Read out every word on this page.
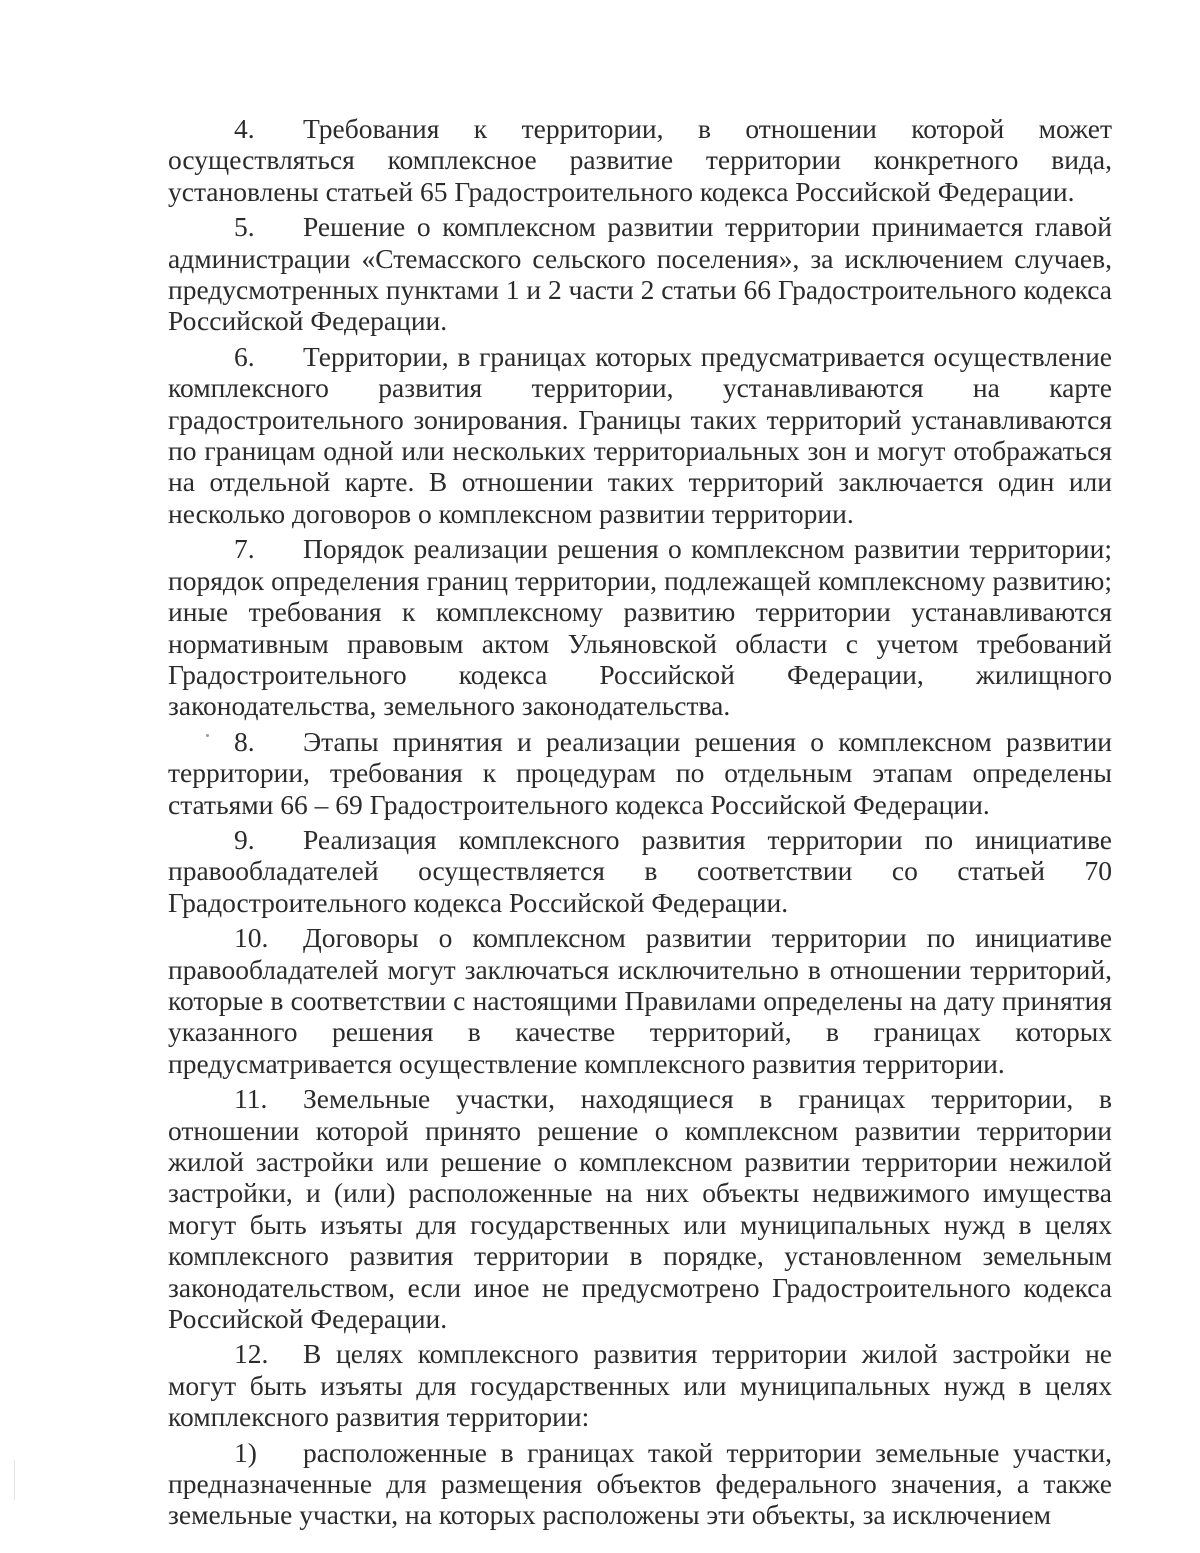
4. Требования к территории, в отношении которой может осуществляться комплексное развитие территории конкретного вида, установлены статьей 65 Градостроительного кодекса Российской Федерации.

5. Решение о комплексном развитии территории принимается главой администрации «Стемасского сельского поселения», за исключением случаев, предусмотренных пунктами 1 и 2 части 2 статьи 66 Градостроительного кодекса Российской Федерации.

6. Территории, в границах которых предусматривается осуществление комплексного развития территории, устанавливаются на карте градостроительного зонирования. Границы таких территорий устанавливаются по границам одной или нескольких территориальных зон и могут отображаться на отдельной карте. В отношении таких территорий заключается один или несколько договоров о комплексном развитии территории.

7. Порядок реализации решения о комплексном развитии территории; порядок определения границ территории, подлежащей комплексному развитию; иные требования к комплексному развитию территории устанавливаются нормативным правовым актом Ульяновской области с учетом требований Градостроительного кодекса Российской Федерации, жилищного законодательства, земельного законодательства.

8. Этапы принятия и реализации решения о комплексном развитии территории, требования к процедурам по отдельным этапам определены статьями 66 – 69 Градостроительного кодекса Российской Федерации.

9. Реализация комплексного развития территории по инициативе правообладателей осуществляется в соответствии со статьей 70 Градостроительного кодекса Российской Федерации.

10. Договоры о комплексном развитии территории по инициативе правообладателей могут заключаться исключительно в отношении территорий, которые в соответствии с настоящими Правилами определены на дату принятия указанного решения в качестве территорий, в границах которых предусматривается осуществление комплексного развития территории.

11. Земельные участки, находящиеся в границах территории, в отношении которой принято решение о комплексном развитии территории жилой застройки или решение о комплексном развитии территории нежилой застройки, и (или) расположенные на них объекты недвижимого имущества могут быть изъяты для государственных или муниципальных нужд в целях комплексного развития территории в порядке, установленном земельным законодательством, если иное не предусмотрено Градостроительного кодекса Российской Федерации.

12. В целях комплексного развития территории жилой застройки не могут быть изъяты для государственных или муниципальных нужд в целях комплексного развития территории:

1) расположенные в границах такой территории земельные участки, предназначенные для размещения объектов федерального значения, а также земельные участки, на которых расположены эти объекты, за исключением
